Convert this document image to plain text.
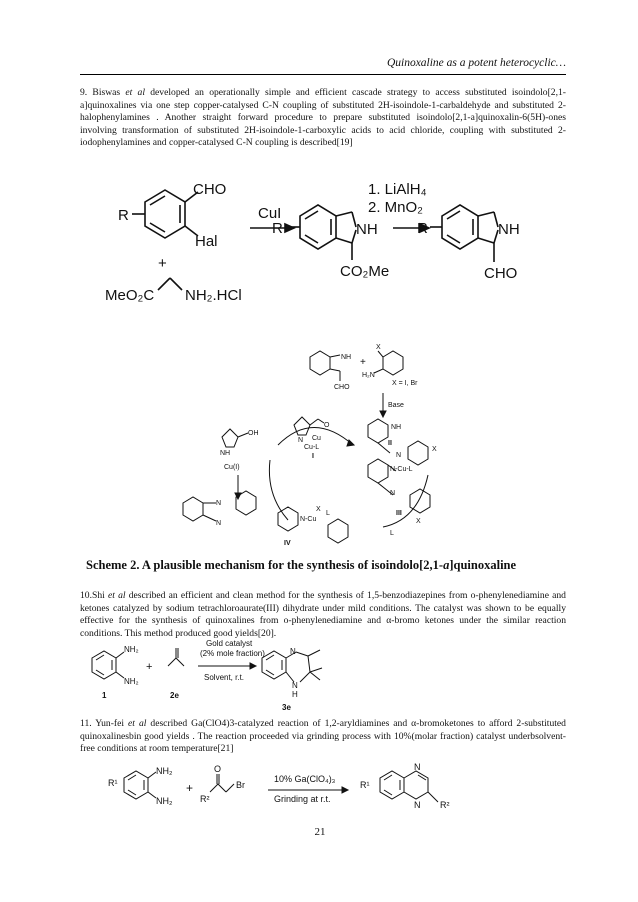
Quinoxaline as a potent heterocyclic…
9. Biswas et al developed an operationally simple and efficient cascade strategy to access substituted isoindolo[2,1-a]quinoxalines via one step copper-catalysed C-N coupling of substituted 2H-isoindole-1-carbaldehyde and substituted 2-halophenylamines . Another straight forward procedure to prepare substituted isoindolo[2,1-a]quinoxalin-6(5H)-ones involving transformation of substituted 2H-isoindole-1-carboxylic acids to acid chloride, coupling with substituted 2-iodophenylamines and copper-catalysed C-N coupling is described[19]
CHO
Hal
R
+
MeO₂C NH₂.HCl
CuI
R	NH
CO₂Me
1. LiAlH₄
2. MnO₂
R	NH
CHO
NH
CHO
+
X
H₂N
X = I, Br
Base
NH
N
X
II
OH
NH
N
O
Cu
Cu-L
I
Cu(I)	N-Cu-L
N
X
III
L
X
N-Cu
L
IV
N
N
Scheme 2. A plausible mechanism for the synthesis of isoindolo[2,1-a]quinoxaline
10.Shi et al described an efficient and clean method for the synthesis of 1,5-benzodiazepines from o-phenylenediamine and ketones catalyzed by sodium tetrachloroaurate(III) dihydrate under mild conditions. The catalyst was shown to be equally effective for the synthesis of quinoxalines from o-phenylenediamine and α-bromo ketones under the similar reaction conditions. This method produced good yields[20].
NH₂
NH₂
+
Gold catalyst
(2% mole fraction)
Solvent, r.t.
N
N
H
1	2e
3e
11. Yun-fei et al described Ga(ClO4)3-catalyzed reaction of 1,2-aryldiamines and α-bromoketones to afford 2-substituted quinoxalinesbin good yields . The reaction proceeded via grinding process with 10%(molar fraction) catalyst underbsolvent-free conditions at room temperature[21]
R¹
NH₂
NH₂
+
R²
O
Br
10% Ga(ClO₄)₃
Grinding at r.t.
R¹
N
N R²
21
